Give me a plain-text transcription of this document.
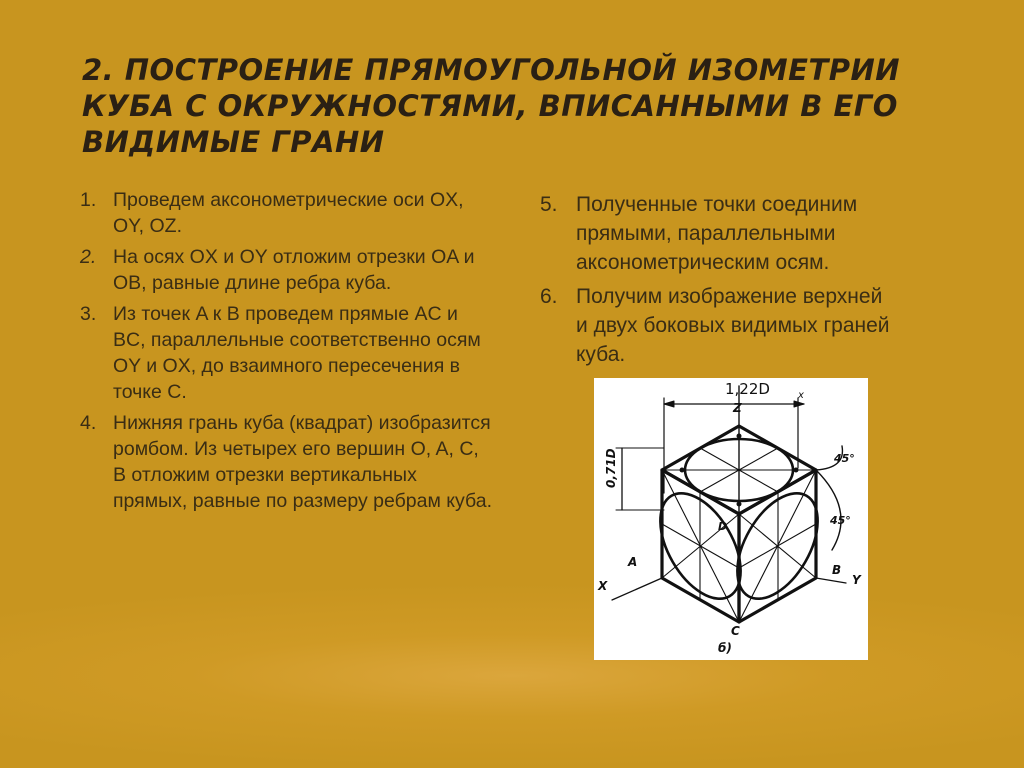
2. ПОСТРОЕНИЕ ПРЯМОУГОЛЬНОЙ ИЗОМЕТРИИ КУБА С ОКРУЖНОСТЯМИ, ВПИСАННЫМИ В ЕГО ВИДИМЫЕ ГРАНИ
1. Проведем аксонометрические оси OX, OY, OZ.
2. На осях OX и OY отложим отрезки OA и OB, равные длине ребра куба.
3. Из точек A к B проведем прямые AC и BC, параллельные соответственно осям OY и OX, до взаимного пересечения в точке C.
4. Нижняя грань куба (квадрат) изобразится ромбом. Из четырех его вершин O, A, C, B отложим отрезки вертикальных прямых, равные по размеру ребрам куба.
5. Полученные точки соединим прямыми, параллельными аксонометрическим осям.
6. Получим изображение верхней и двух боковых видимых граней куба.
1,22D	x
Z
0,71D	45°
45°
D
A
B
X	Y
C
б)
